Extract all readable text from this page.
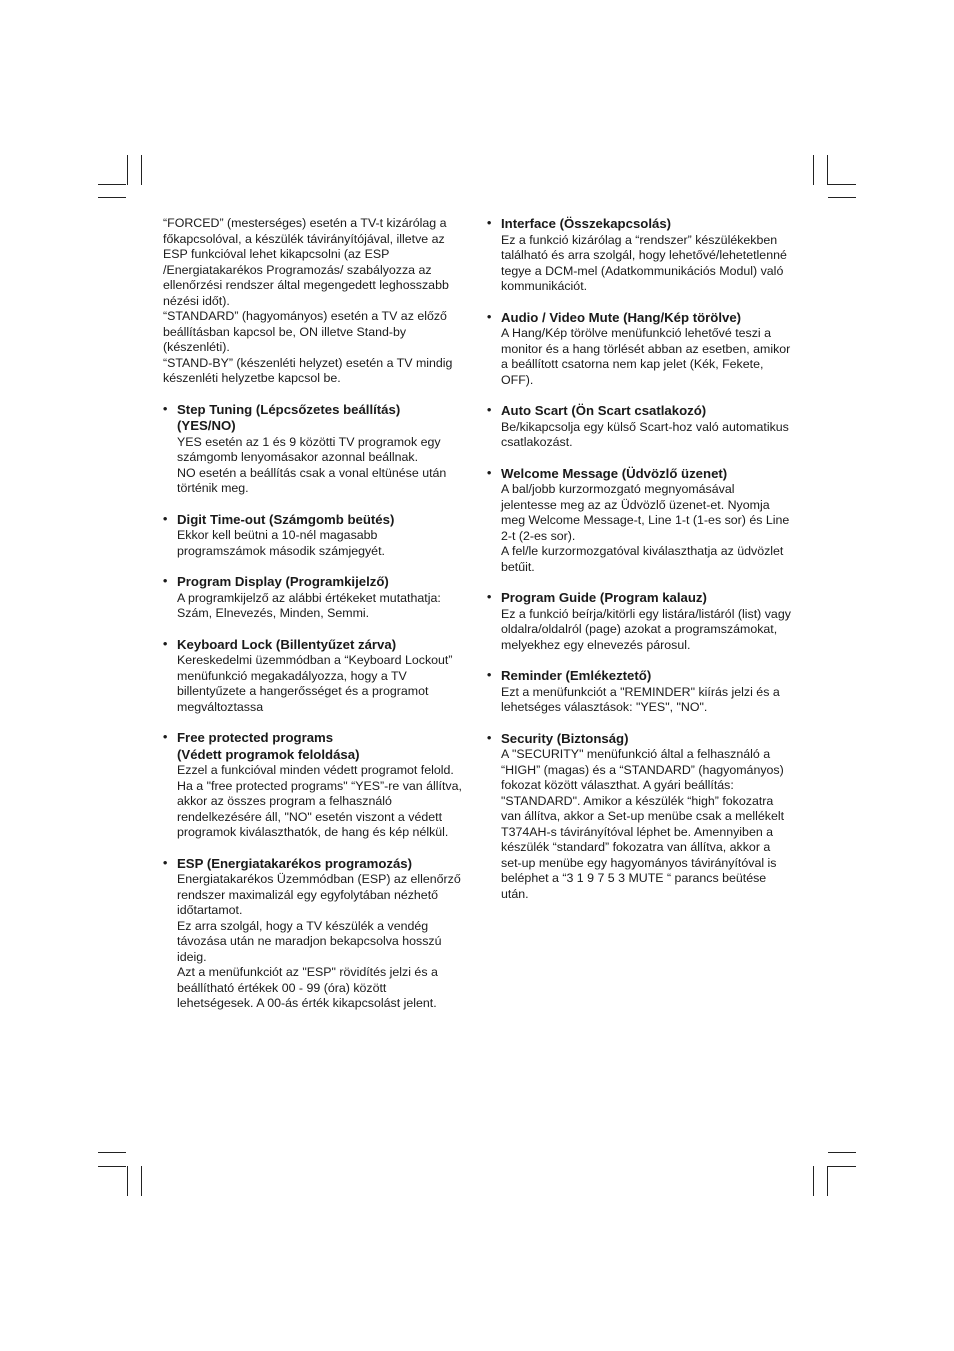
“FORCED” (mesterséges) esetén a TV-t kizárólag a főkapcsolóval, a készülék távirányítójával, illetve az ESP funkcióval lehet kikapcsolni (az ESP /Energiatakarékos Programozás/ szabályozza az ellenőrzési rendszer által megengedett leghosszabb nézési időt).

“STANDARD” (hagyományos) esetén a TV az előző beállításban kapcsol be, ON illetve Stand-by (készenléti).

“STAND-BY” (készenléti helyzet) esetén a TV mindig készenléti helyzetbe kapcsol be.

• Step Tuning (Lépcsőzetes beállítás)
(YES/NO)

YES esetén az 1 és 9 közötti TV programok egy számgomb lenyomásakor azonnal beállnak.

NO esetén a beállítás csak a vonal eltünése után történik meg.

• Digit Time-out (Számgomb beütés)

Ekkor kell beütni a 10-nél magasabb programszámok második számjegyét.

• Program Display (Programkijelző)

A programkijelző az alábbi értékeket mutathatja: Szám, Elnevezés, Minden, Semmi.

• Keyboard Lock (Billentyűzet zárva)

Kereskedelmi üzemmódban a “Keyboard Lockout” menüfunkció megakadályozza, hogy a TV billentyűzete a hangerősséget és a programot megváltoztassa

• Free protected programs
(Védett programok feloldása)

Ezzel a funkcióval minden védett programot felold. Ha a "free protected programs" “YES”-re van állítva, akkor az összes program a felhasználó rendelkezésére áll, "NO" esetén viszont a védett programok kiválaszthatók, de hang és kép nélkül.

• ESP (Energiatakarékos programozás)

Energiatakarékos Üzemmódban (ESP) az ellenőrző rendszer maximalizál egy egyfolytában nézhető időtartamot.

Ez arra szolgál, hogy a TV készülék a vendég távozása után ne maradjon bekapcsolva hosszú ideig.

Azt a menüfunkciót az "ESP" rövidítés jelzi és a beállítható értékek 00 - 99 (óra) között lehetségesek. A 00-ás érték kikapcsolást jelent.

• Interface (Összekapcsolás)

Ez a funkció kizárólag a “rendszer” készülékekben található és arra szolgál, hogy lehetővé/lehetetlenné tegye a DCM-mel (Adatkommunikációs Modul) való kommunikációt.

• Audio / Video Mute (Hang/Kép törölve)

A Hang/Kép törölve menüfunkció lehetővé teszi a monitor és a hang törlését abban az esetben, amikor a beállított csatorna nem kap jelet (Kék, Fekete, OFF).

• Auto Scart (Ön Scart csatlakozó)

Be/kikapcsolja egy külső Scart-hoz való automatikus csatlakozást.

• Welcome Message (Üdvözlő üzenet)

A bal/jobb kurzormozgató megnyomásával jelentesse meg az az Üdvözlő üzenet-et. Nyomja meg Welcome Message-t, Line 1-t (1-es sor) és Line 2-t (2-es sor).

A fel/le kurzormozgatóval kiválaszthatja az üdvözlet betűit.

• Program Guide (Program kalauz)

Ez a funkció beírja/kitörli egy listára/listáról (list) vagy oldalra/oldalról (page) azokat a programszámokat, melyekhez egy elnevezés párosul.

• Reminder (Emlékeztető)

Ezt a menüfunkciót a "REMINDER" kiírás jelzi és a lehetséges választások: "YES", "NO".

• Security (Biztonság)

A "SECURITY" menüfunkció által a felhasználó a “HIGH” (magas) és a “STANDARD” (hagyományos) fokozat között választhat. A gyári beállítás: "STANDARD". Amikor a készülék “high” fokozatra van állítva, akkor a Set-up menübe csak a mellékelt T374AH-s távirányítóval léphet be. Amennyiben a készülék “standard” fokozatra van állítva, akkor a set-up menübe egy hagyományos távirányítóval is beléphet a “3 1 9 7 5 3 MUTE “ parancs beütése után.
